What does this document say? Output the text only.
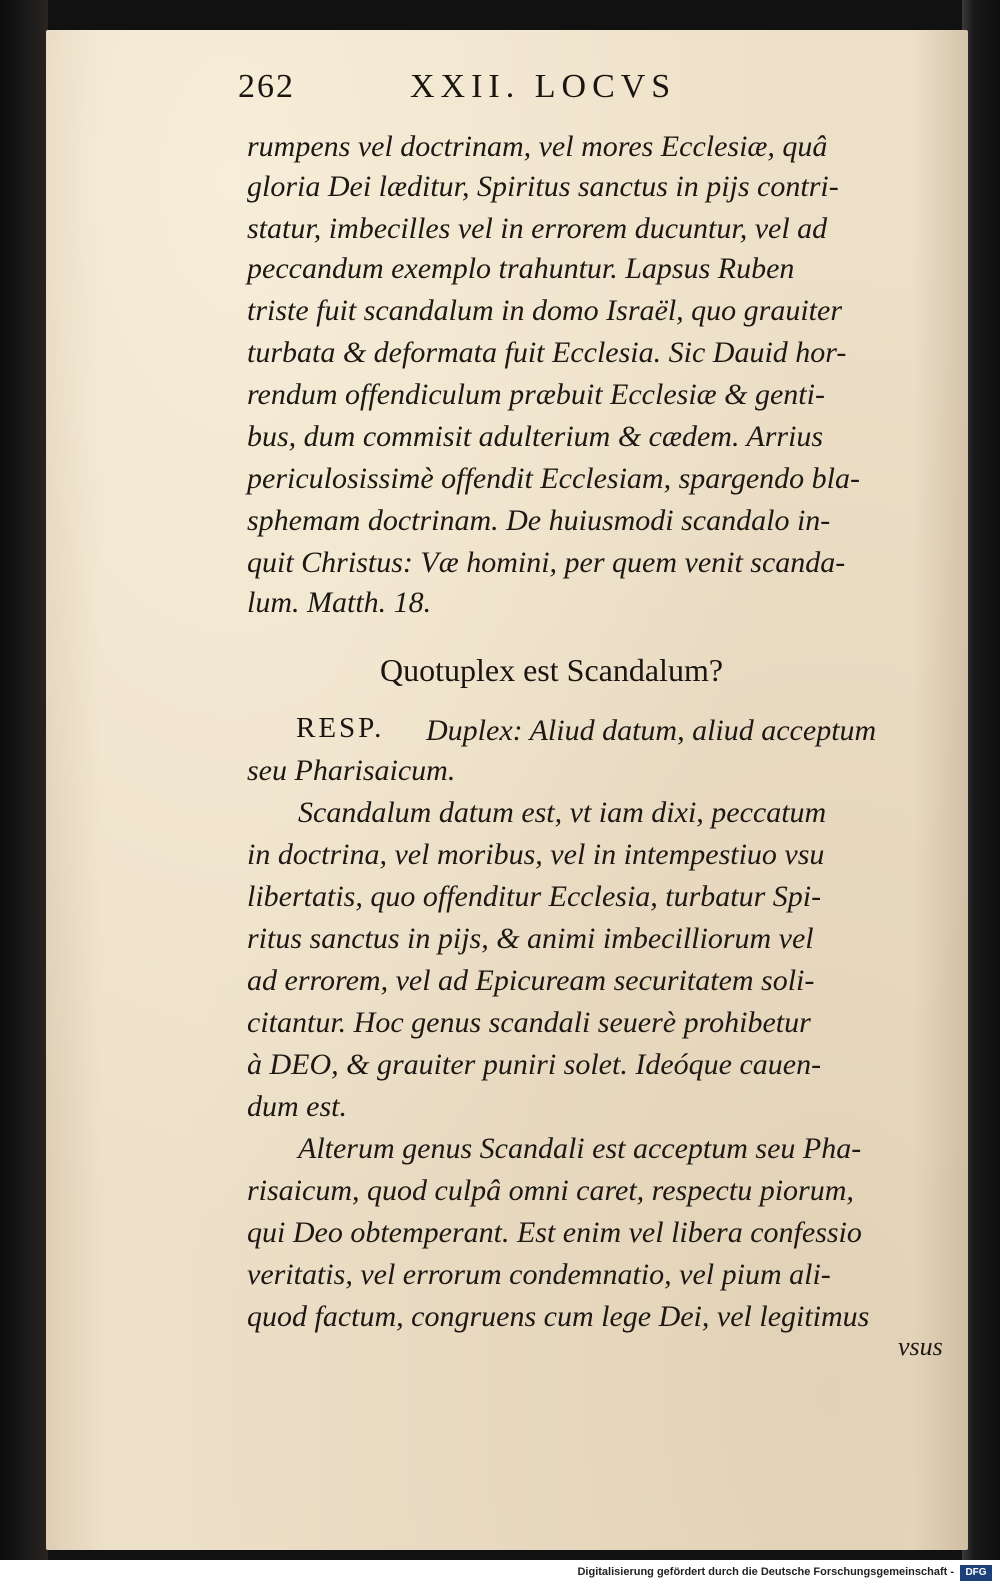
262	XXII. LOCVS
rumpens vel doctrinam, vel mores Ecclesiæ, quâ
gloria Dei læditur, Spiritus sanctus in pijs contri-
statur, imbecilles vel in errorem ducuntur, vel ad
peccandum exemplo trahuntur. Lapsus Ruben
triste fuit scandalum in domo Israël, quo grauiter
turbata & deformata fuit Ecclesia. Sic Dauid hor-
rendum offendiculum præbuit Ecclesiæ & genti-
bus, dum commisit adulterium & cædem. Arrius
periculosissimè offendit Ecclesiam, spargendo bla-
sphemam doctrinam. De huiusmodi scandalo in-
quit Christus: Væ homini, per quem venit scanda-
lum. Matth. 18.
Quotuplex est Scandalum?
RESP. Duplex: Aliud datum, aliud acceptum
seu Pharisaicum.
Scandalum datum est, vt iam dixi, peccatum
in doctrina, vel moribus, vel in intempestiuo vsu
libertatis, quo offenditur Ecclesia, turbatur Spi-
ritus sanctus in pijs, & animi imbecilliorum vel
ad errorem, vel ad Epicuream securitatem soli-
citantur. Hoc genus scandali seuerè prohibetur
à DEO, & grauiter puniri solet. Ideóque cauen-
dum est.
Alterum genus Scandali est acceptum seu Pha-
risaicum, quod culpâ omni caret, respectu piorum,
qui Deo obtemperant. Est enim vel libera confessio
veritatis, vel errorum condemnatio, vel pium ali-
quod factum, congruens cum lege Dei, vel legitimus
vsus
Digitalisierung gefördert durch die Deutsche Forschungsgemeinschaft -	DFG
